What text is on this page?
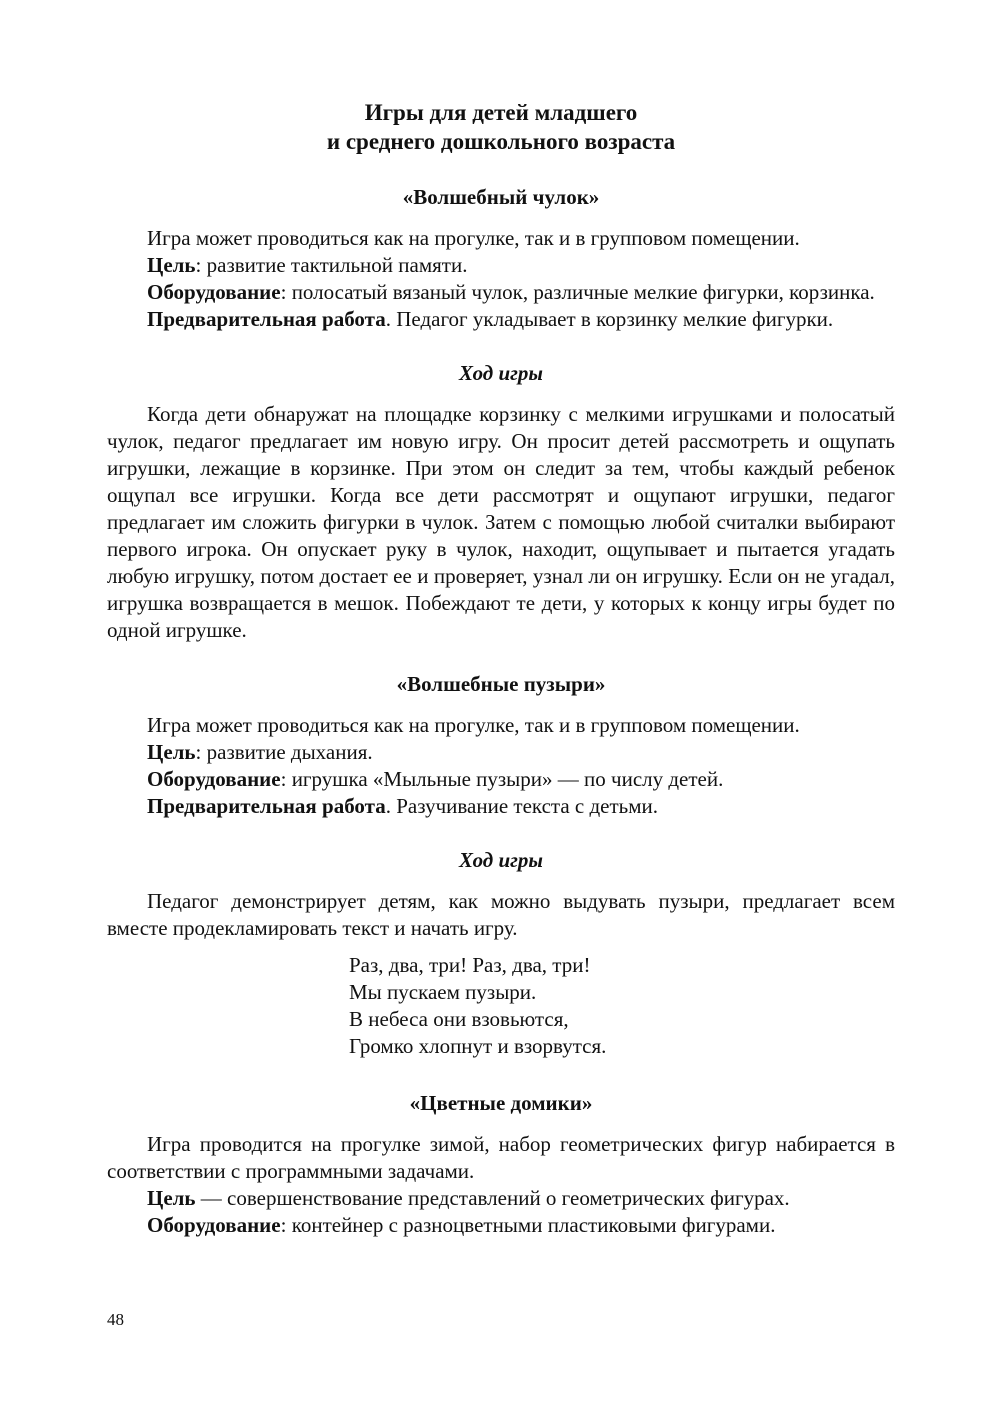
Игры для детей младшего
и среднего дошкольного возраста
«Волшебный чулок»

Игра может проводиться как на прогулке, так и в групповом помещении.

Цель: развитие тактильной памяти.

Оборудование: полосатый вязаный чулок, различные мелкие фигурки, корзинка.

Предварительная работа. Педагог укладывает в корзинку мелкие фигурки.

Ход игры

Когда дети обнаружат на площадке корзинку с мелкими игрушками и полосатый чулок, педагог предлагает им новую игру. Он просит детей рассмотреть и ощупать игрушки, лежащие в корзинке. При этом он следит за тем, чтобы каждый ребенок ощупал все игрушки. Когда все дети рассмотрят и ощупают игрушки, педагог предлагает им сложить фигурки в чулок. Затем с помощью любой считалки выбирают первого игрока. Он опускает руку в чулок, находит, ощупывает и пытается угадать любую игрушку, потом достает ее и проверяет, узнал ли он игрушку. Если он не угадал, игрушка возвращается в мешок. Побеждают те дети, у которых к концу игры будет по одной игрушке.

«Волшебные пузыри»

Игра может проводиться как на прогулке, так и в групповом помещении.

Цель: развитие дыхания.

Оборудование: игрушка «Мыльные пузыри» — по числу детей.

Предварительная работа. Разучивание текста с детьми.

Ход игры

Педагог демонстрирует детям, как можно выдувать пузыри, предлагает всем вместе продекламировать текст и начать игру.

Раз, два, три! Раз, два, три!
Мы пускаем пузыри.
В небеса они взовьются,
Громко хлопнут и взорвутся.
«Цветные домики»

Игра проводится на прогулке зимой, набор геометрических фигур набирается в соответствии с программными задачами.

Цель — совершенствование представлений о геометрических фигурах.

Оборудование: контейнер с разноцветными пластиковыми фигурами.

48
